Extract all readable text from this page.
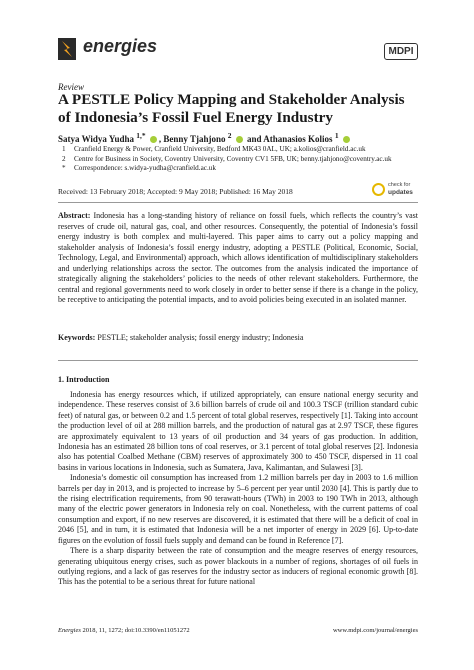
energies	MDPI
Review
A PESTLE Policy Mapping and Stakeholder Analysis of Indonesia’s Fossil Fuel Energy Industry
Satya Widya Yudha $^{1,*}$ , Benny Tjahjono $^2$  and Athanasios Kolios $^1$
1	Cranfield Energy & Power, Cranfield University, Bedford MK43 0AL, UK; a.kolios@cranfield.ac.uk
2	Centre for Business in Society, Coventry University, Coventry CV1 5FB, UK; benny.tjahjono@coventry.ac.uk
*	Correspondence: s.widya-yudha@cranfield.ac.uk
Received: 13 February 2018; Accepted: 9 May 2018; Published: 16 May 2018
check for
updates

Abstract: Indonesia has a long-standing history of reliance on fossil fuels, which reflects the country’s vast reserves of crude oil, natural gas, coal, and other resources. Consequently, the potential of Indonesia’s fossil energy industry is both complex and multi-layered. This paper aims to carry out a policy mapping and stakeholder analysis of Indonesia’s fossil energy industry, adopting a PESTLE (Political, Economic, Social, Technology, Legal, and Environmental) approach, which allows identification of multidisciplinary stakeholders and underlying relationships across the sector. The outcomes from the analysis indicated the importance of strategically aligning the stakeholders’ policies to the needs of other relevant stakeholders. Furthermore, the central and regional governments need to work closely in order to better sense if there is a change in the policy, be receptive to anticipating the potential impacts, and to avoid policies being executed in an isolated manner.

Keywords: PESTLE; stakeholder analysis; fossil energy industry; Indonesia

1. Introduction

Indonesia has energy resources which, if utilized appropriately, can ensure national energy security and independence. These reserves consist of 3.6 billion barrels of crude oil and 100.3 TSCF (trillion standard cubic feet) of natural gas, or between 0.2 and 1.5 percent of total global reserves, respectively [1]. Taking into account the production level of oil at 288 million barrels, and the production of natural gas at 2.97 TSCF, these figures are approximately equivalent to 13 years of oil production and 34 years of gas production. In addition, Indonesia has an estimated 28 billion tons of coal reserves, or 3.1 percent of total global reserves [2]. Indonesia also has potential Coalbed Methane (CBM) reserves of approximately 300 to 450 TSCF, dispersed in 11 coal basins in various locations in Indonesia, such as Sumatera, Java, Kalimantan, and Sulawesi [3].

Indonesia’s domestic oil consumption has increased from 1.2 million barrels per day in 2003 to 1.6 million barrels per day in 2013, and is projected to increase by 5–6 percent per year until 2030 [4]. This is partly due to the rising electrification requirements, from 90 terawatt-hours (TWh) in 2003 to 190 TWh in 2013, although many of the electric power generators in Indonesia rely on coal. Nonetheless, with the current patterns of coal consumption and export, if no new reserves are discovered, it is estimated that there will be a deficit of coal in 2046 [5], and in turn, it is estimated that Indonesia will be a net importer of energy in 2029 [6]. Up-to-date figures on the evolution of fossil fuels supply and demand can be found in Reference [7].

There is a sharp disparity between the rate of consumption and the meagre reserves of energy resources, generating ubiquitous energy crises, such as power blackouts in a number of regions, shortages of oil fuels in outlying regions, and a lack of gas reserves for the industry sector as inducers of regional economic growth [8]. This has the potential to be a serious threat for future national

Energies 2018, 11, 1272; doi:10.3390/en11051272	www.mdpi.com/journal/energies
